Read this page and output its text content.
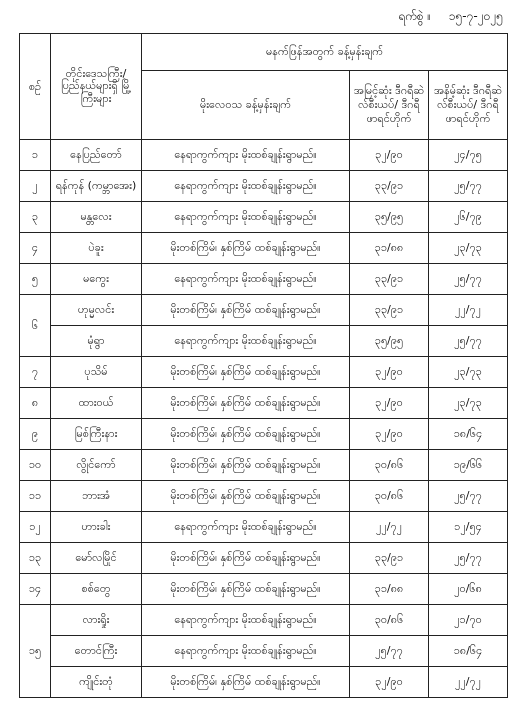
ရက်စွဲ ။ ၁၅-၇-၂၀၂၅
စဉ်	တိုင်းဒေသကြီး/ ပြည်နယ်များရှိ မြို့ကြီးများ	မနက်ဖြန်အတွက် ခန့်မှန်းချက်		
		မိုးလေဝသ ခန့်မှန်းချက်	အမြင့်ဆုံး ဒီဂရီဆဲလ်စီးယပ်/ ဒီဂရီဖာရင်ဟိုက်	အနိမ့်ဆုံး ဒီဂရီဆဲလ်စီးယပ်/ ဒီဂရီဖာရင်ဟိုက်
၁	နေပြည်တော်	နေရာကွက်ကျား မိုးထစ်ချုန်းရွာမည်။	၃၂/၉၀	၂၄/၇၅
၂	ရန်ကုန် (ကမ္ဘာအေး)	နေရာကွက်ကျား မိုးထစ်ချုန်းရွာမည်။	၃၃/၉၁	၂၅/၇၇
၃	မန္တလေး	နေရာကွက်ကျား မိုးထစ်ချုန်းရွာမည်။	၃၅/၉၅	၂၆/၇၉
၄	ပဲခူး	မိုးတစ်ကြိမ်၊ နှစ်ကြိမ် ထစ်ချုန်းရွာမည်။	၃၁/၈၈	၂၃/၇၃
၅	မကွေး	နေရာကွက်ကျား မိုးထစ်ချုန်းရွာမည်။	၃၃/၉၁	၂၅/၇၇
၆	ဟုမ္မလင်း	မိုးတစ်ကြိမ်၊ နှစ်ကြိမ် ထစ်ချုန်းရွာမည်။	၃၃/၉၁	၂၂/၇၂
	မုံရွာ	နေရာကွက်ကျား မိုးထစ်ချုန်းရွာမည်။	၃၅/၉၅	၂၅/၇၇
၇	ပုသိမ်	မိုးတစ်ကြိမ်၊ နှစ်ကြိမ် ထစ်ချုန်းရွာမည်။	၃၂/၉၀	၂၃/၇၃
၈	ထားဝယ်	မိုးတစ်ကြိမ်၊ နှစ်ကြိမ် ထစ်ချုန်းရွာမည်။	၃၂/၉၀	၂၃/၇၃
၉	မြစ်ကြီးနား	မိုးတစ်ကြိမ်၊ နှစ်ကြိမ် ထစ်ချုန်းရွာမည်။	၃၂/၉၀	၁၈/၆၄
၁၀	လွိုင်ကော်	မိုးတစ်ကြိမ်၊ နှစ်ကြိမ် ထစ်ချုန်းရွာမည်။	၃၀/၈၆	၁၉/၆၆
၁၁	ဘားအံ	မိုးတစ်ကြိမ်၊ နှစ်ကြိမ် ထစ်ချုန်းရွာမည်။	၃၀/၈၆	၂၅/၇၇
၁၂	ဟားခါး	နေရာကွက်ကျား မိုးထစ်ချုန်းရွာမည်။	၂၂/၇၂	၁၂/၅၄
၁၃	မော်လမြိုင်	မိုးတစ်ကြိမ်၊ နှစ်ကြိမ် ထစ်ချုန်းရွာမည်။	၃၃/၉၁	၂၅/၇၇
၁၄	စစ်တွေ	မိုးတစ်ကြိမ်၊ နှစ်ကြိမ် ထစ်ချုန်းရွာမည်။	၃၁/၈၈	၂၀/၆၈
၁၅	လားရှိုး	နေရာကွက်ကျား မိုးထစ်ချုန်းရွာမည်။	၃၀/၈၆	၂၁/၇၀
	တောင်ကြီး	နေရာကွက်ကျား မိုးထစ်ချုန်းရွာမည်။	၂၅/၇၇	၁၈/၆၄
	ကျိုင်းတုံ	မိုးတစ်ကြိမ်၊ နှစ်ကြိမ် ထစ်ချုန်းရွာမည်။	၃၂/၉၀	၂၂/၇၂
